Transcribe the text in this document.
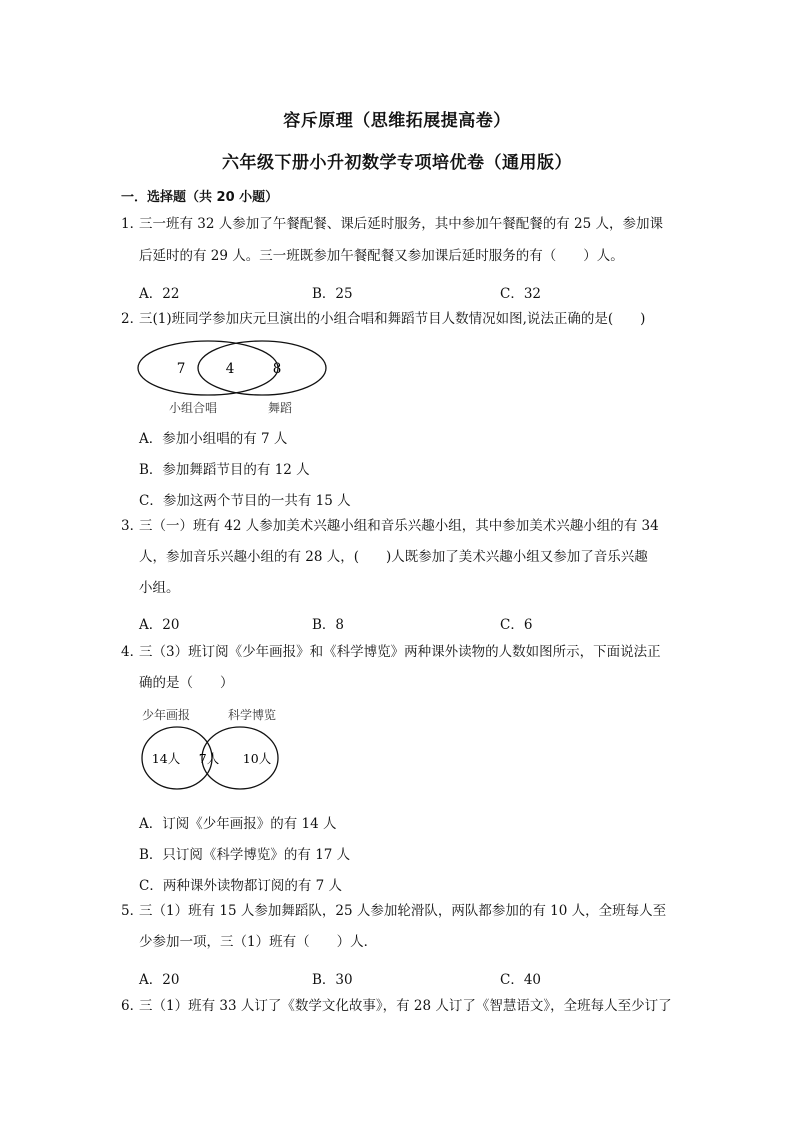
容斥原理（思维拓展提高卷）
六年级下册小升初数学专项培优卷（通用版）
一．选择题（共 20 小题）
1．
三一班有 32 人参加了午餐配餐、课后延时服务，其中参加午餐配餐的有 25 人，参加课
后延时的有 29 人。三一班既参加午餐配餐又参加课后延时服务的有（　　）人。
A．22	B．25	C．32
2．
三(1)班同学参加庆元旦演出的小组合唱和舞蹈节目人数情况如图,说法正确的是(　　)
7	4	8
小组合唱	舞蹈
A．参加小组唱的有 7 人
B．参加舞蹈节目的有 12 人
C．参加这两个节目的一共有 15 人
3．
三（一）班有 42 人参加美术兴趣小组和音乐兴趣小组，其中参加美术兴趣小组的有 34
人，参加音乐兴趣小组的有 28 人，(　　)人既参加了美术兴趣小组又参加了音乐兴趣
小组。
A．20	B．8	C．6
4．
三（3）班订阅《少年画报》和《科学博览》两种课外读物的人数如图所示，下面说法正
确的是（　　）
少年画报	科学博览
14人 7人 10人
A．订阅《少年画报》的有 14 人
B．只订阅《科学博览》的有 17 人
C．两种课外读物都订阅的有 7 人
5．
三（1）班有 15 人参加舞蹈队，25 人参加轮滑队，两队都参加的有 10 人，全班每人至
少参加一项，三（1）班有（　　）人．
A．20	B．30	C．40
6．
三（1）班有 33 人订了《数学文化故事》，有 28 人订了《智慧语文》，全班每人至少订了
